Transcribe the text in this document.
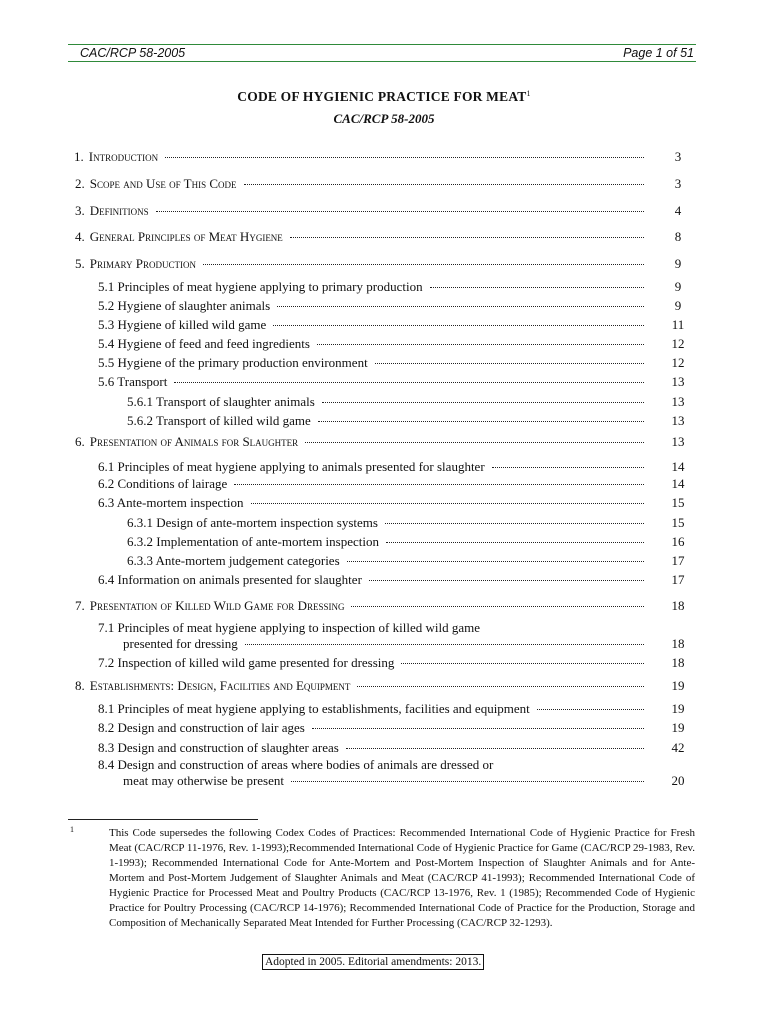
CAC/RCP 58-2005	Page 1 of 51
CODE OF HYGIENIC PRACTICE FOR MEAT$^1$
CAC/RCP 58-2005
1. Introduction	3
2. Scope and Use of This Code	3
3. Definitions	4
4. General Principles of Meat Hygiene	8
5. Primary Production	9
5.1 Principles of meat hygiene applying to primary production	9
5.2 Hygiene of slaughter animals	9
5.3 Hygiene of killed wild game	11
5.4 Hygiene of feed and feed ingredients	12
5.5 Hygiene of the primary production environment	12
5.6 Transport	13
5.6.1 Transport of slaughter animals	13
5.6.2 Transport of killed wild game	13
6. Presentation of Animals for Slaughter	13
6.1 Principles of meat hygiene applying to animals presented for slaughter	14
6.2 Conditions of lairage	14
6.3 Ante-mortem inspection	15
6.3.1 Design of ante-mortem inspection systems	15
6.3.2 Implementation of ante-mortem inspection	16
6.3.3 Ante-mortem judgement categories	17
6.4 Information on animals presented for slaughter	17
7. Presentation of Killed Wild Game for Dressing	18
7.1 Principles of meat hygiene applying to inspection of killed wild game
presented for dressing	18
7.2 Inspection of killed wild game presented for dressing	18
8. Establishments: Design, Facilities and Equipment	19
8.1 Principles of meat hygiene applying to establishments, facilities and equipment	19
8.2 Design and construction of lair ages	19
8.3 Design and construction of slaughter areas	42
8.4 Design and construction of areas where bodies of animals are dressed or
meat may otherwise be present	20
1	This Code supersedes the following Codex Codes of Practices: Recommended International Code of Hygienic Practice for Fresh Meat (CAC/RCP 11-1976, Rev. 1-1993);Recommended International Code of Hygienic Practice for Game (CAC/RCP 29-1983, Rev. 1-1993); Recommended International Code for Ante-Mortem and Post-Mortem Inspection of Slaughter Animals and for Ante-Mortem and Post-Mortem Judgement of Slaughter Animals and Meat (CAC/RCP 41-1993); Recommended International Code of Hygienic Practice for Processed Meat and Poultry Products (CAC/RCP 13-1976, Rev. 1 (1985); Recommended Code of Hygienic Practice for Poultry Processing (CAC/RCP 14-1976); Recommended International Code of Practice for the Production, Storage and Composition of Mechanically Separated Meat Intended for Further Processing (CAC/RCP 32-1293).
Adopted in 2005. Editorial amendments: 2013.
